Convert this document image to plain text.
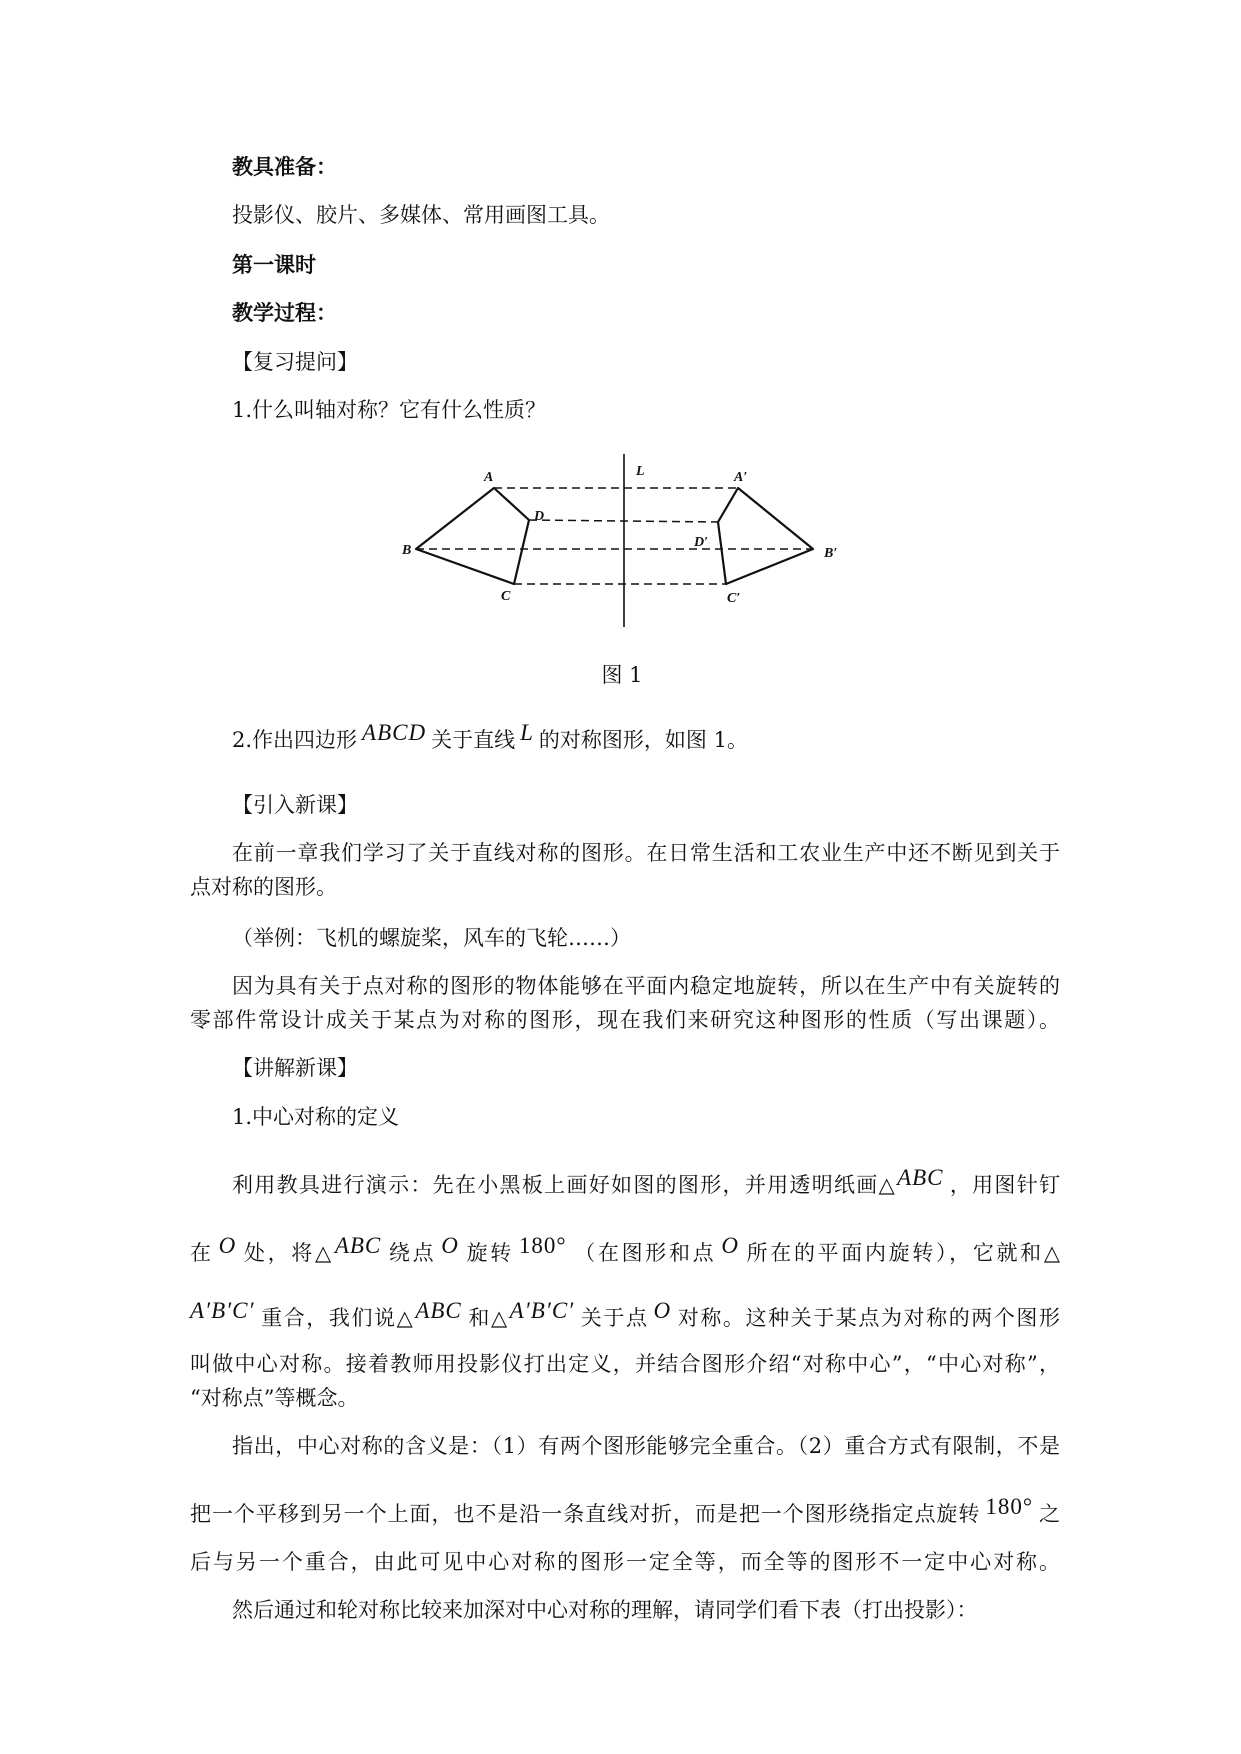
教具准备：
投影仪、胶片、多媒体、常用画图工具。
第一课时
教学过程：
【复习提问】
1.什么叫轴对称？它有什么性质？
L
A
D
B
C
A′
D′
B′
C′
图 1
2.作出四边形 ABCD 关于直线 L 的对称图形，如图 1。
【引入新课】
在前一章我们学习了关于直线对称的图形。在日常生活和工农业生产中还不断见到关于
点对称的图形。
（举例：飞机的螺旋桨，风车的飞轮……）
因为具有关于点对称的图形的物体能够在平面内稳定地旋转，所以在生产中有关旋转的
零部件常设计成关于某点为对称的图形，现在我们来研究这种图形的性质（写出课题）。
【讲解新课】
1.中心对称的定义
利用教具进行演示：先在小黑板上画好如图的图形，并用透明纸画△ABC ，用图针钉
在 O 处，将△ABC 绕点 O 旋转 180° （在图形和点 O 所在的平面内旋转），它就和△
A′B′C′ 重合，我们说△ABC 和△A′B′C′ 关于点 O 对称。这种关于某点为对称的两个图形
叫做中心对称。接着教师用投影仪打出定义，并结合图形介绍“对称中心”，“中心对称”，
“对称点”等概念。
指出，中心对称的含义是：（1）有两个图形能够完全重合。（2）重合方式有限制，不是
把一个平移到另一个上面，也不是沿一条直线对折，而是把一个图形绕指定点旋转 180° 之
后与另一个重合，由此可见中心对称的图形一定全等，而全等的图形不一定中心对称。
然后通过和轮对称比较来加深对中心对称的理解，请同学们看下表（打出投影）：
